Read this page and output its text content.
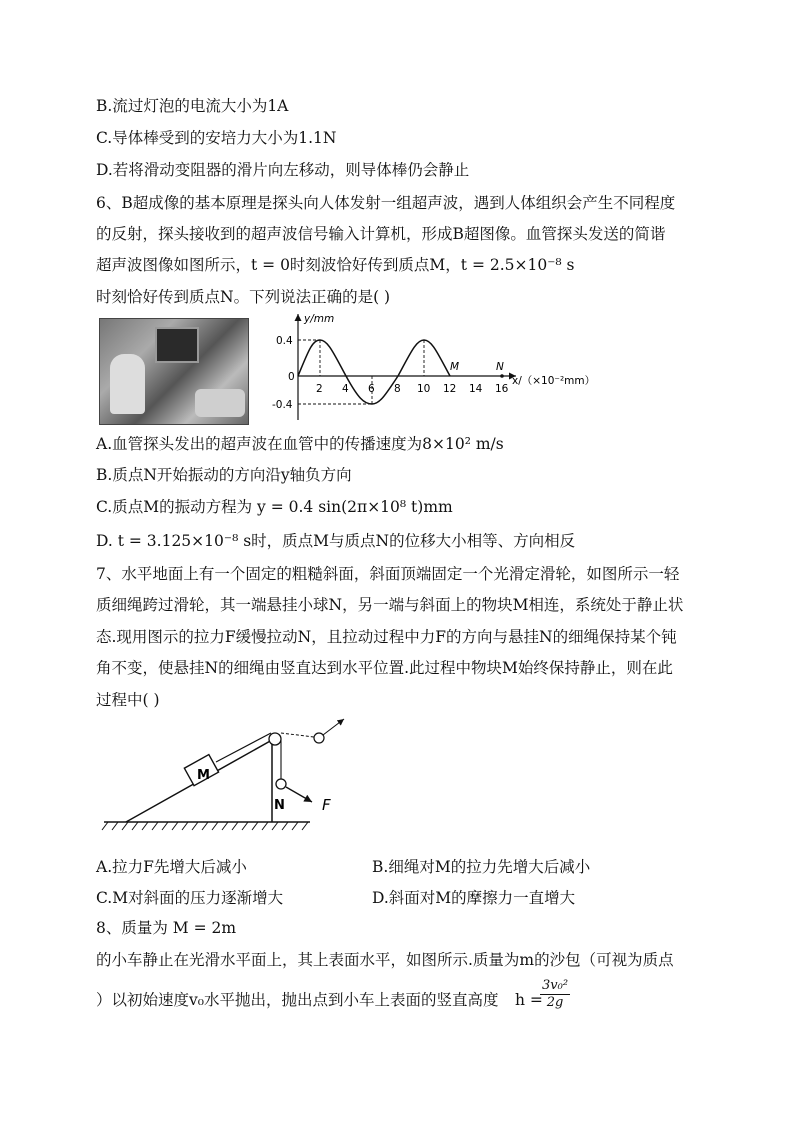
B.流过灯泡的电流大小为1A
C.导体棒受到的安培力大小为1.1N
D.若将滑动变阻器的滑片向左移动，则导体棒仍会静止
6、B超成像的基本原理是探头向人体发射一组超声波，遇到人体组织会产生不同程度
的反射，探头接收到的超声波信号输入计算机，形成B超图像。血管探头发送的简谐
超声波图像如图所示，t = 0时刻波恰好传到质点M，t = 2.5×10⁻⁸ s
时刻恰好传到质点N。下列说法正确的是( )
y/mm
x/（×10⁻²mm）
0
0.4
-0.4
2 4 6 8 10 12 14 16
M	N
A.血管探头发出的超声波在血管中的传播速度为8×10² m/s
B.质点N开始振动的方向沿y轴负方向
C.质点M的振动方程为 y = 0.4 sin(2π×10⁸ t)mm
D. t = 3.125×10⁻⁸ s时，质点M与质点N的位移大小相等、方向相反
7、水平地面上有一个固定的粗糙斜面，斜面顶端固定一个光滑定滑轮，如图所示一轻
质细绳跨过滑轮，其一端悬挂小球N，另一端与斜面上的物块M相连，系统处于静止状
态.现用图示的拉力F缓慢拉动N，且拉动过程中力F的方向与悬挂N的细绳保持某个钝
角不变，使悬挂N的细绳由竖直达到水平位置.此过程中物块M始终保持静止，则在此
过程中( )
M
N F
A.拉力F先增大后减小	B.细绳对M的拉力先增大后减小
C.M对斜面的压力逐渐增大	D.斜面对M的摩擦力一直增大
8、质量为 M = 2m
的小车静止在光滑水平面上，其上表面水平，如图所示.质量为m的沙包（可视为质点
）以初始速度v₀水平抛出，抛出点到小车上表面的竖直高度 h =
$\frac{\text{3v₀²}}{2g}$
